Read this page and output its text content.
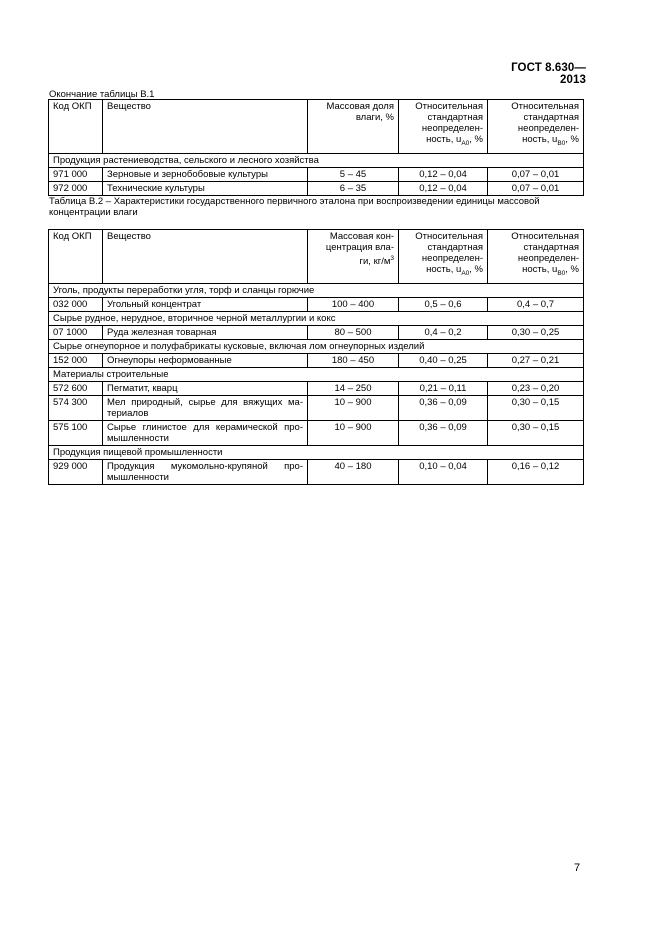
ГОСТ 8.630—2013
Окончание таблицы В.1
Код ОКП	Вещество	Массовая доля влаги, %	Относительная стандартная неопределен- ность, $u_{A0}$, %	Относительная стандартная неопределен- ность, $u_{B0}$, %
Продукция растениеводства, сельского и лесного хозяйства				
971 000	Зерновые и зернобобовые культуры	5 – 45	0,12 – 0,04	0,07 – 0,01
972 000	Технические культуры	6 – 35	0,12 – 0,04	0,07 – 0,01
Таблица В.2 – Характеристики государственного первичного эталона при воспроизведении единицы массовой концентрации влаги
Код ОКП	Вещество	Массовая кон- центрация вла- ги, $кг/м^3$	Относительная стандартная неопределен- ность, $u_{A0}$, %	Относительная стандартная неопределен- ность, $u_{B0}$, %
Уголь, продукты переработки угля, торф и сланцы горючие				
032 000	Угольный концентрат	100 – 400	0,5 – 0,6	0,4 – 0,7
Сырье рудное, нерудное, вторичное черной металлургии и кокс				
07 1000	Руда железная товарная	80 – 500	0,4 – 0,2	0,30 – 0,25
Сырье огнеупорное и полуфабрикаты кусковые, включая лом огнеупорных изделий				
152 000	Огнеупоры неформованные	180 – 450	0,40 – 0,25	0,27 – 0,21
Материалы строительные				
572 600	Пегматит, кварц	14 – 250	0,21 – 0,11	0,23 – 0,20
574 300	Мел природный, сырье для вяжущих ма- териалов	10 – 900	0,36 – 0,09	0,30 – 0,15
575 100	Сырье глинистое для керамической про- мышленности	10 – 900	0,36 – 0,09	0,30 – 0,15
Продукция пищевой промышленности				
929 000	Продукция мукомольно-крупяной про- мышленности	40 – 180	0,10 – 0,04	0,16 – 0,12
7
